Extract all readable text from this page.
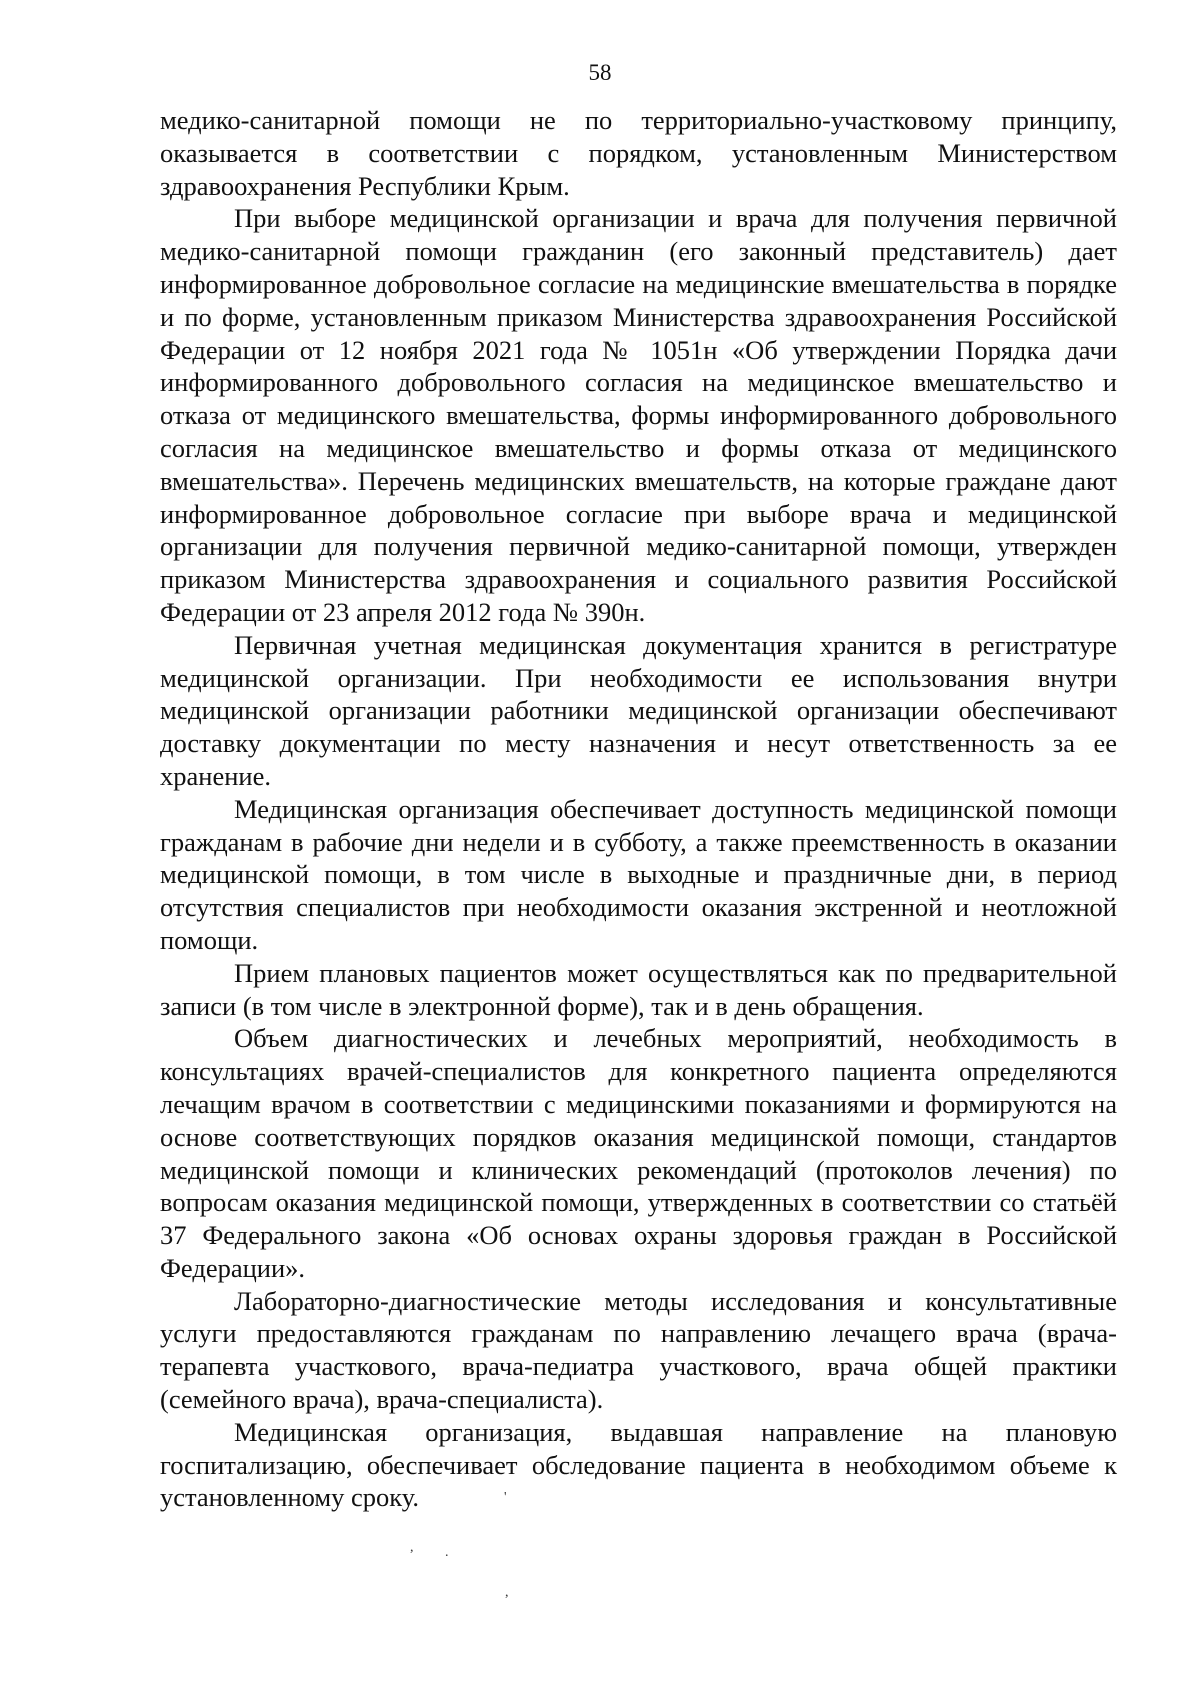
58

медико-санитарной помощи не по территориально-участковому принципу, оказывается в соответствии с порядком, установленным Министерством здравоохранения Республики Крым.

При выборе медицинской организации и врача для получения первичной медико-санитарной помощи гражданин (его законный представитель) дает информированное добровольное согласие на медицинские вмешательства в порядке и по форме, установленным приказом Министерства здравоохранения Российской Федерации от 12 ноября 2021 года № 1051н «Об утверждении Порядка дачи информированного добровольного согласия на медицинское вмешательство и отказа от медицинского вмешательства, формы информированного добровольного согласия на медицинское вмешательство и формы отказа от медицинского вмешательства». Перечень медицинских вмешательств, на которые граждане дают информированное добровольное согласие при выборе врача и медицинской организации для получения первичной медико-санитарной помощи, утвержден приказом Министерства здравоохранения и социального развития Российской Федерации от 23 апреля 2012 года № 390н.

Первичная учетная медицинская документация хранится в регистратуре медицинской организации. При необходимости ее использования внутри медицинской организации работники медицинской организации обеспечивают доставку документации по месту назначения и несут ответственность за ее хранение.

Медицинская организация обеспечивает доступность медицинской помощи гражданам в рабочие дни недели и в субботу, а также преемственность в оказании медицинской помощи, в том числе в выходные и праздничные дни, в период отсутствия специалистов при необходимости оказания экстренной и неотложной помощи.

Прием плановых пациентов может осуществляться как по предварительной записи (в том числе в электронной форме), так и в день обращения.

Объем диагностических и лечебных мероприятий, необходимость в консультациях врачей-специалистов для конкретного пациента определяются лечащим врачом в соответствии с медицинскими показаниями и формируются на основе соответствующих порядков оказания медицинской помощи, стандартов медицинской помощи и клинических рекомендаций (протоколов лечения) по вопросам оказания медицинской помощи, утвержденных в соответствии со статьёй 37 Федерального закона «Об основах охраны здоровья граждан в Российской Федерации».

Лабораторно-диагностические методы исследования и консультативные услуги предоставляются гражданам по направлению лечащего врача (врача-терапевта участкового, врача-педиатра участкового, врача общей практики (семейного врача), врача-специалиста).

Медицинская организация, выдавшая направление на плановую госпитализацию, обеспечивает обследование пациента в необходимом объеме к установленному сроку.

, .
,
'
